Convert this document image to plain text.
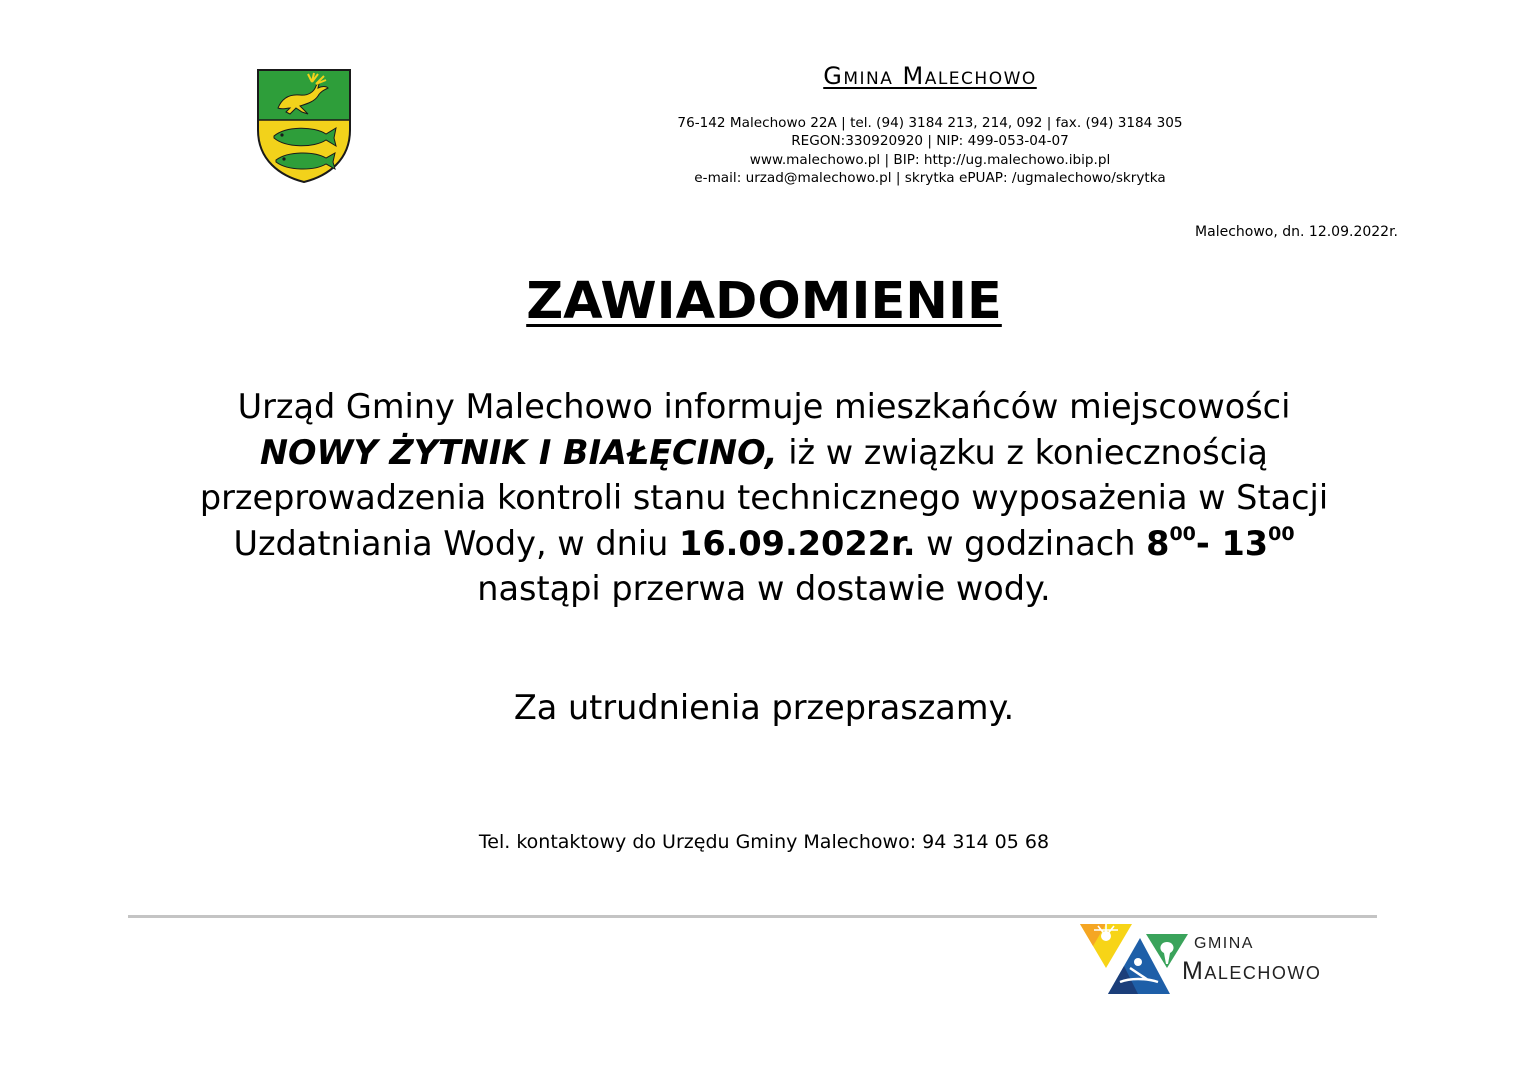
Gmina Malechowo
76-142 Malechowo 22A | tel. (94) 3184 213, 214, 092 | fax. (94) 3184 305
REGON:330920920 | NIP: 499-053-04-07
www.malechowo.pl | BIP: http://ug.malechowo.ibip.pl
e-mail: urzad@malechowo.pl | skrytka ePUAP: /ugmalechowo/skrytka
Malechowo, dn. 12.09.2022r.
ZAWIADOMIENIE
Urząd Gminy Malechowo informuje mieszkańców miejscowości
NOWY ŻYTNIK I BIAŁĘCINO, iż w związku z koniecznością przeprowadzenia kontroli stanu technicznego wyposażenia w Stacji Uzdatniania Wody, w dniu 16.09.2022r. w godzinach $8^{00}-$ $13^{00}$
nastąpi przerwa w dostawie wody.
Za utrudnienia przepraszamy.
Tel. kontaktowy do Urzędu Gminy Malechowo: 94 314 05 68
GMINA
Malechowo
